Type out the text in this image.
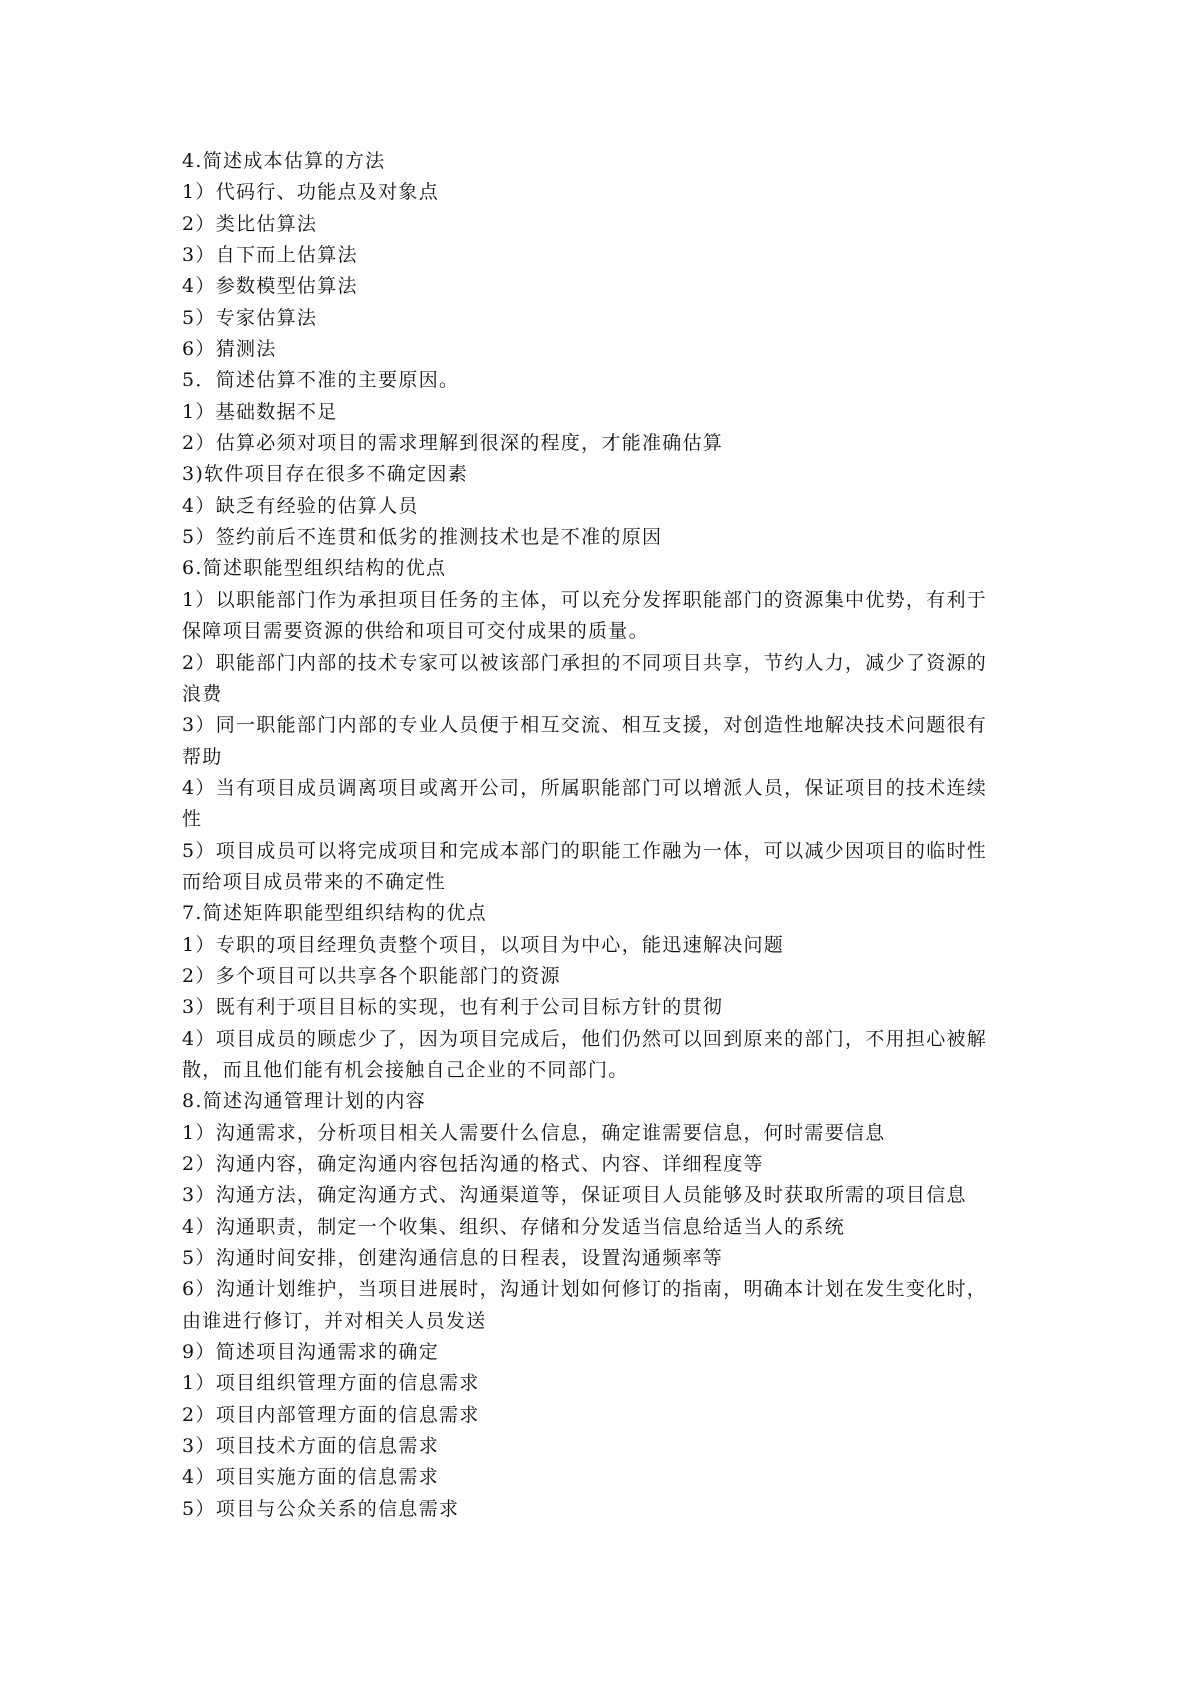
4.简述成本估算的方法
1）代码行、功能点及对象点
2）类比估算法
3）自下而上估算法
4）参数模型估算法
5）专家估算法
6）猜测法
5．简述估算不准的主要原因。
1）基础数据不足
2）估算必须对项目的需求理解到很深的程度，才能准确估算
3)软件项目存在很多不确定因素
4）缺乏有经验的估算人员
5）签约前后不连贯和低劣的推测技术也是不准的原因
6.简述职能型组织结构的优点
1）以职能部门作为承担项目任务的主体，可以充分发挥职能部门的资源集中优势，有利于
保障项目需要资源的供给和项目可交付成果的质量。
2）职能部门内部的技术专家可以被该部门承担的不同项目共享，节约人力，减少了资源的
浪费
3）同一职能部门内部的专业人员便于相互交流、相互支援，对创造性地解决技术问题很有
帮助
4）当有项目成员调离项目或离开公司，所属职能部门可以增派人员，保证项目的技术连续
性
5）项目成员可以将完成项目和完成本部门的职能工作融为一体，可以减少因项目的临时性
而给项目成员带来的不确定性
7.简述矩阵职能型组织结构的优点
1）专职的项目经理负责整个项目，以项目为中心，能迅速解决问题
2）多个项目可以共享各个职能部门的资源
3）既有利于项目目标的实现，也有利于公司目标方针的贯彻
4）项目成员的顾虑少了，因为项目完成后，他们仍然可以回到原来的部门，不用担心被解
散，而且他们能有机会接触自己企业的不同部门。
8.简述沟通管理计划的内容
1）沟通需求，分析项目相关人需要什么信息，确定谁需要信息，何时需要信息
2）沟通内容，确定沟通内容包括沟通的格式、内容、详细程度等
3）沟通方法，确定沟通方式、沟通渠道等，保证项目人员能够及时获取所需的项目信息
4）沟通职责，制定一个收集、组织、存储和分发适当信息给适当人的系统
5）沟通时间安排，创建沟通信息的日程表，设置沟通频率等
6）沟通计划维护，当项目进展时，沟通计划如何修订的指南，明确本计划在发生变化时，
由谁进行修订，并对相关人员发送
9）简述项目沟通需求的确定
1）项目组织管理方面的信息需求
2）项目内部管理方面的信息需求
3）项目技术方面的信息需求
4）项目实施方面的信息需求
5）项目与公众关系的信息需求
